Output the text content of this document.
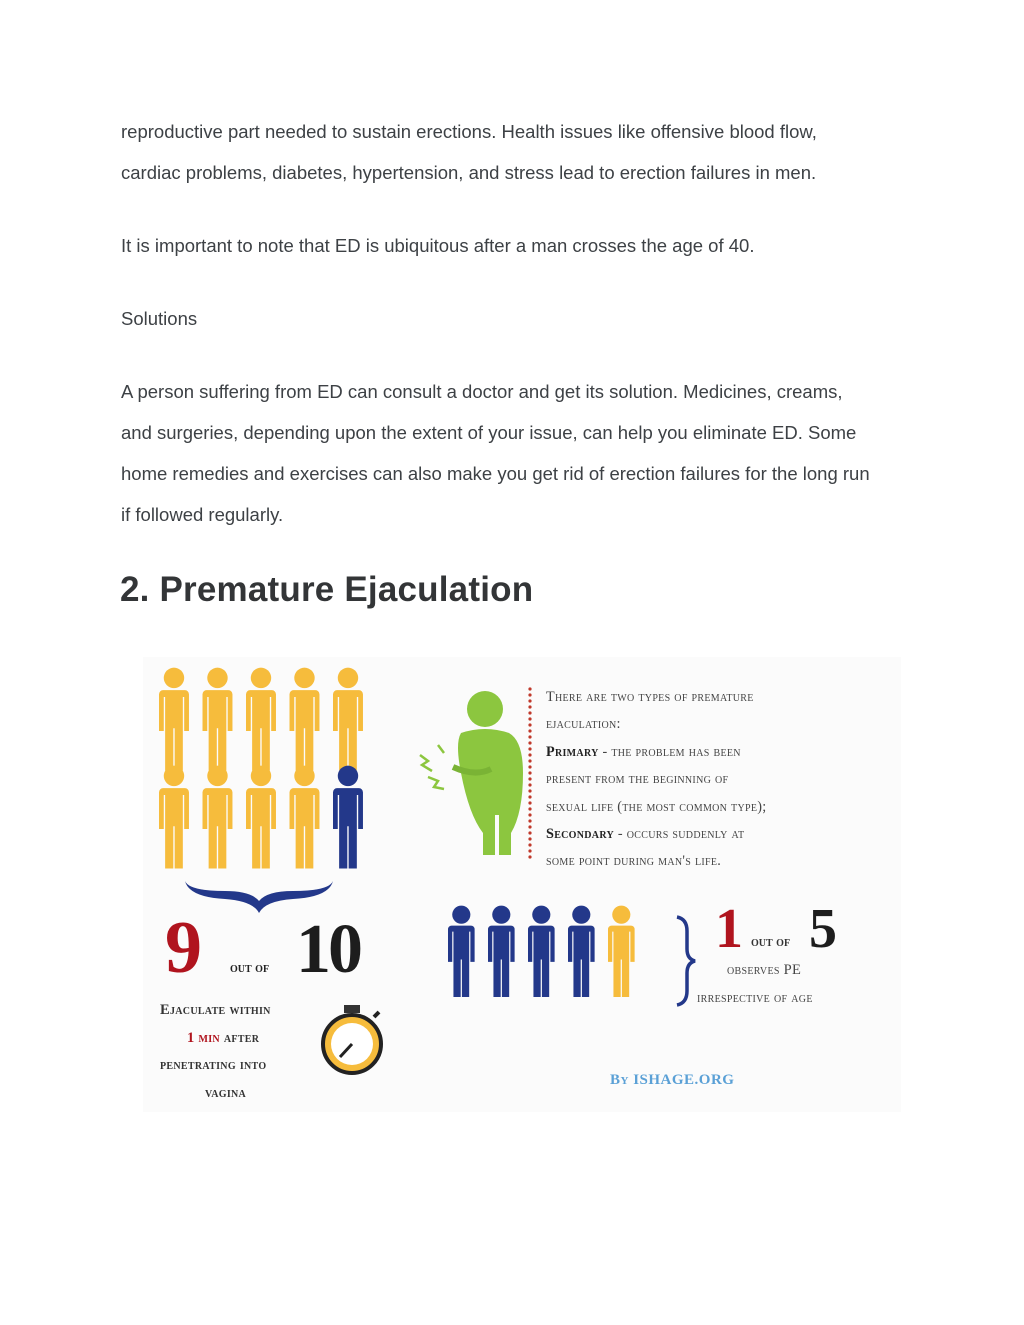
reproductive part needed to sustain erections. Health issues like offensive blood flow,
cardiac problems, diabetes, hypertension, and stress lead to erection failures in men.
It is important to note that ED is ubiquitous after a man crosses the age of 40.
Solutions
A person suffering from ED can consult a doctor and get its solution. Medicines, creams,
and surgeries, depending upon the extent of your issue, can help you eliminate ED. Some
home remedies and exercises can also make you get rid of erection failures for the long run
if followed regularly.
2. Premature Ejaculation
There are two types of premature
ejaculation:
Primary - the problem has been
present from the beginning of
sexual life (the most common type);
Secondary - occurs suddenly at
some point during man's life.
9 out of 10
Ejaculate within
1 min after
penetrating into
vagina
1 out of 5
observes PE
irrespective of age
By ISHAGE.ORG
